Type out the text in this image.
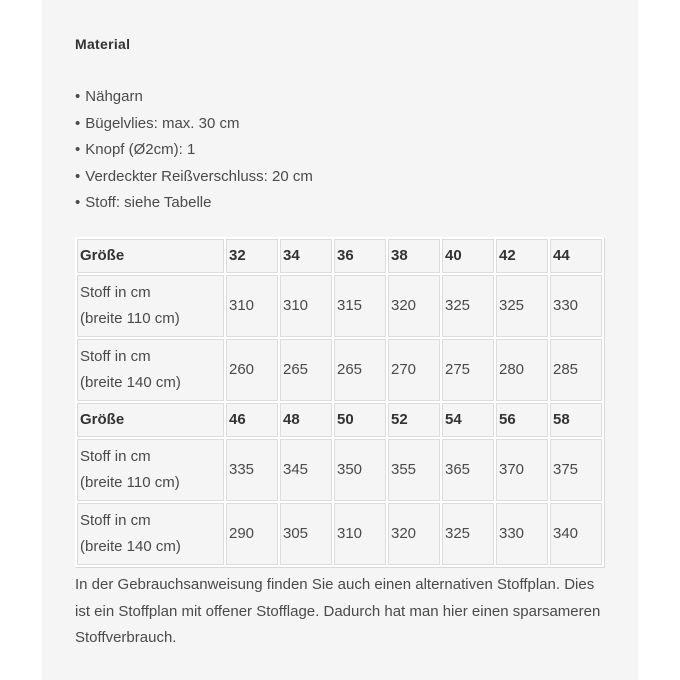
Material
• Nähgarn
• Bügelvlies: max. 30 cm
• Knopf (Ø2cm): 1
• Verdeckter Reißverschluss: 20 cm
• Stoff: siehe Tabelle
Größe	32	34	36	38	40	42	44

Stoff in cm
(breite 110 cm)	310	310	315	320	325	325	330

Stoff in cm
(breite 140 cm)	260	265	265	270	275	280	285
Größe	46	48	50	52	54	56	58

Stoff in cm
(breite 110 cm)	335	345	350	355	365	370	375

Stoff in cm
(breite 140 cm)	290	305	310	320	325	330	340

In der Gebrauchsanweisung finden Sie auch einen alternativen Stoffplan. Dies ist ein Stoffplan mit offener Stofflage. Dadurch hat man hier einen sparsameren Stoffverbrauch.
